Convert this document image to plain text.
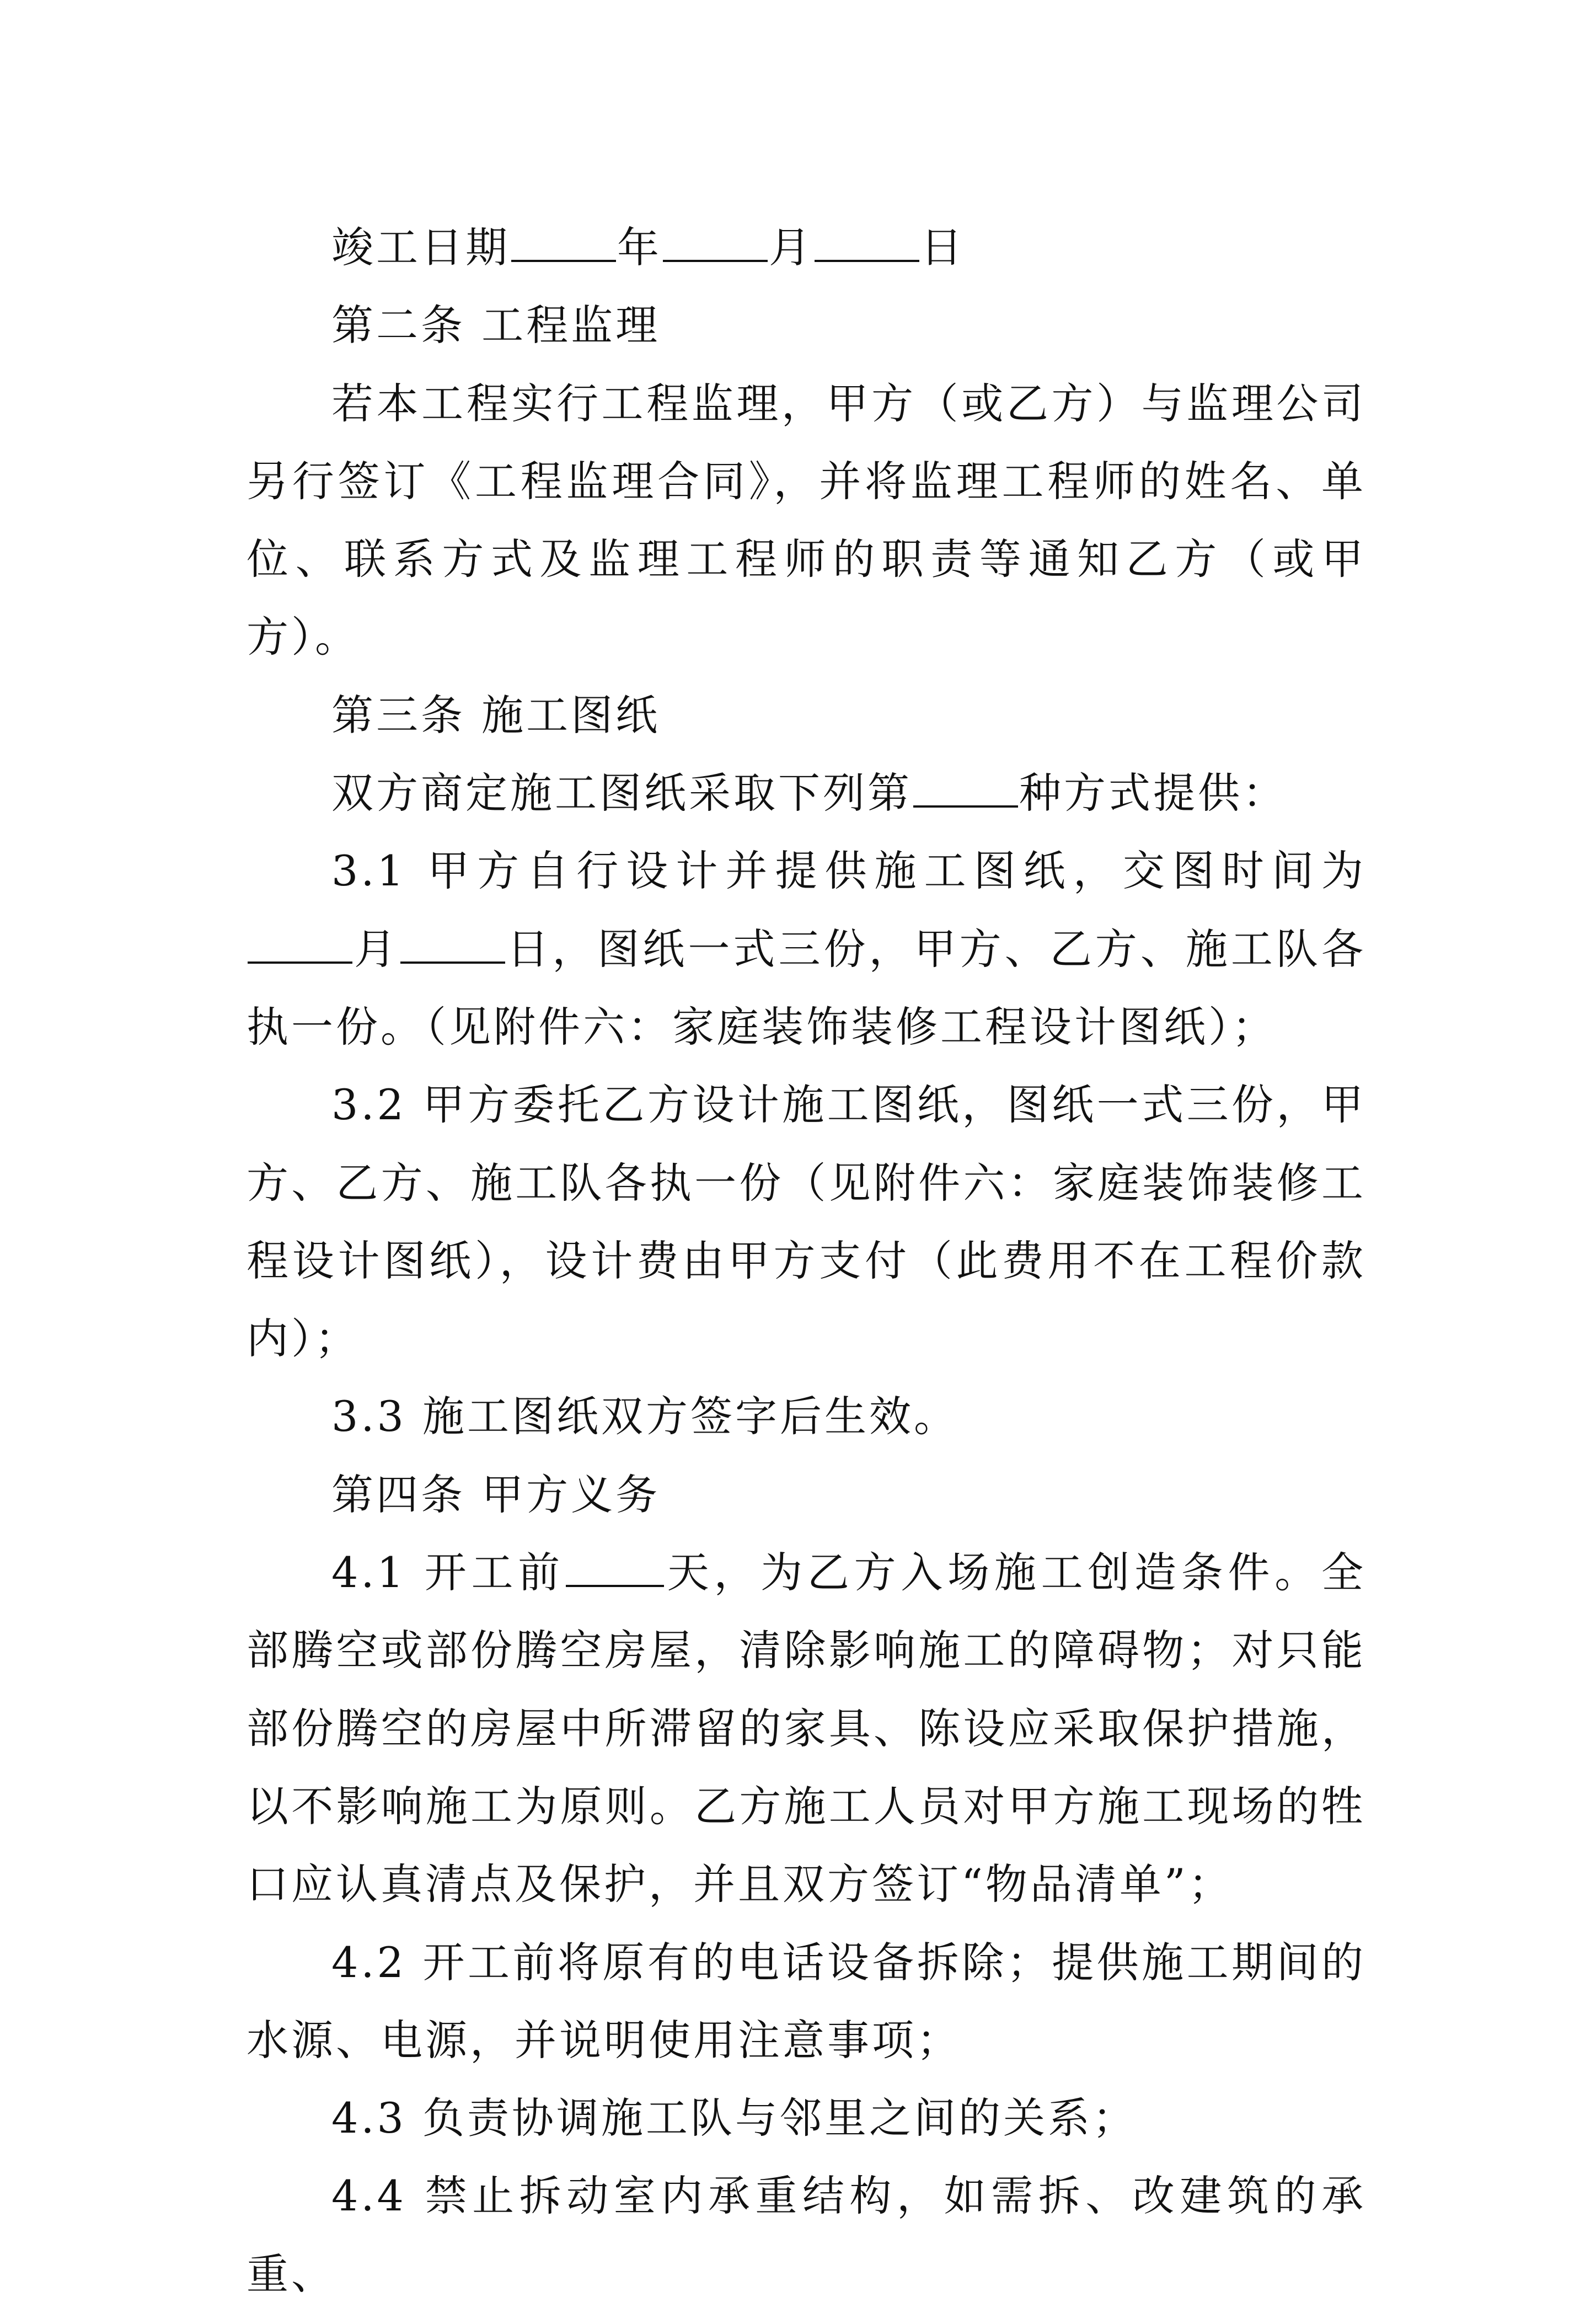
竣工日期	年	月	日

第二条 工程监理

若本工程实行工程监理，甲方（或乙方）与监理公司另行签订《工程监理合同》，并将监理工程师的姓名、单位、联系方式及监理工程师的职责等通知乙方（或甲方）。

第三条 施工图纸

双方商定施工图纸采取下列第	种方式提供：

3.1 甲方自行设计并提供施工图纸，交图时间为月	日，图纸一式三份，甲方、乙方、施工队各执一份。（见附件六：家庭装饰装修工程设计图纸）；

3.2 甲方委托乙方设计施工图纸，图纸一式三份，甲方、乙方、施工队各执一份（见附件六：家庭装饰装修工程设计图纸），设计费由甲方支付（此费用不在工程价款内）；

3.3 施工图纸双方签字后生效。

第四条 甲方义务

4.1 开工前 天，为乙方入场施工创造条件。全部腾空或部份腾空房屋，清除影响施工的障碍物；对只能部份腾空的房屋中所滞留的家具、陈设应采取保护措施，以不影响施工为原则。乙方施工人员对甲方施工现场的牲口应认真清点及保护，并且双方签订“物品清单”；

4.2 开工前将原有的电话设备拆除；提供施工期间的水源、电源，并说明使用注意事项；

4.3 负责协调施工队与邻里之间的关系；

4.4 禁止拆动室内承重结构，如需拆、改建筑的承重、
